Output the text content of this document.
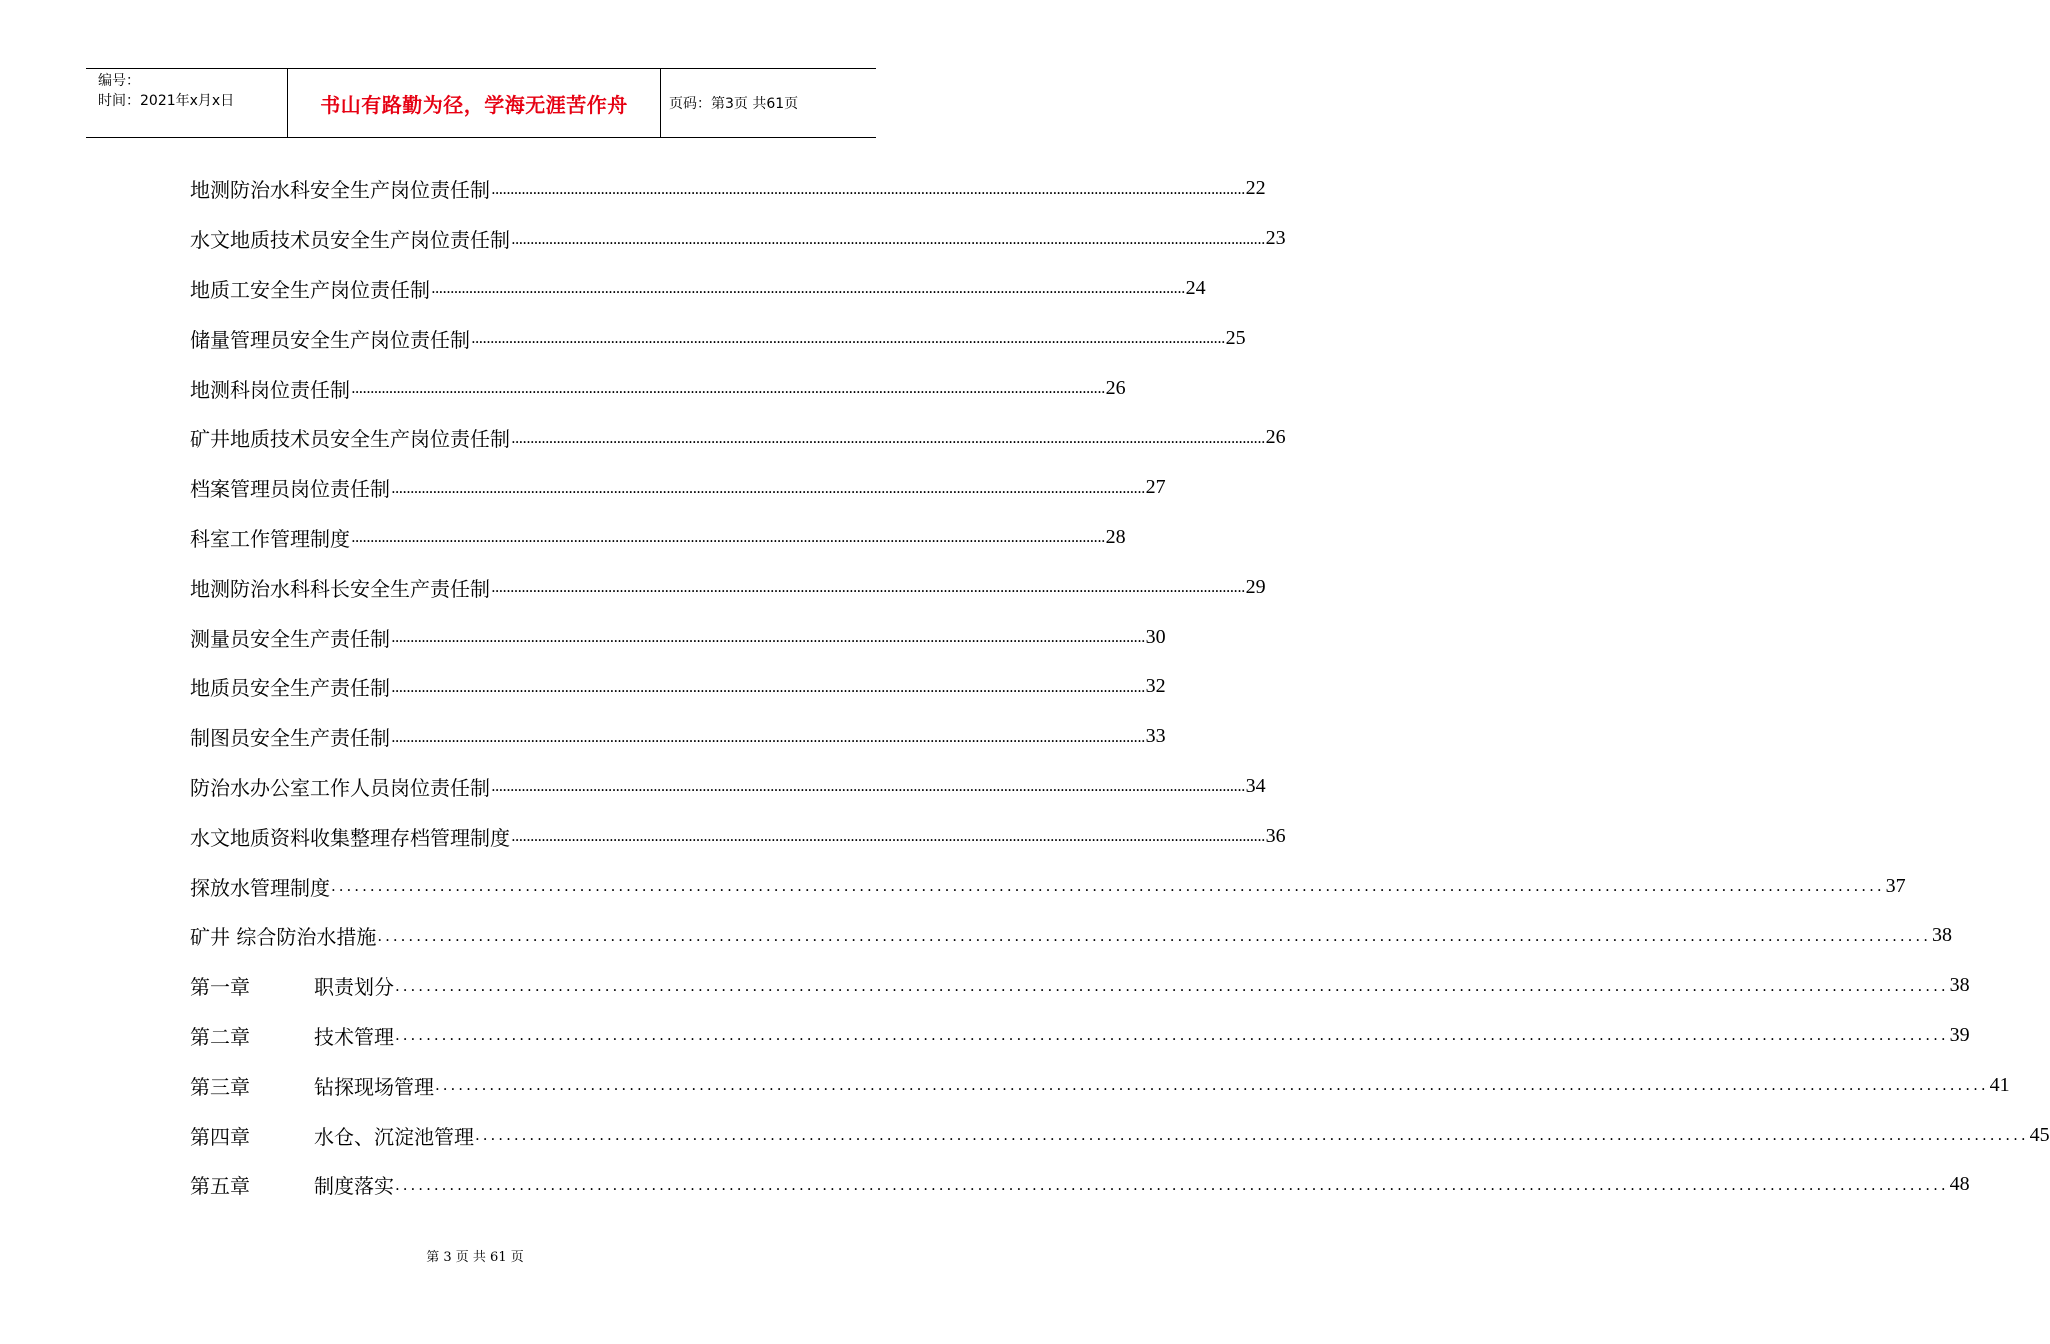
编号：
时间：2021年x月x日	书山有路勤为径，学海无涯苦作舟	页码：第3页 共61页
地测防治水科安全生产岗位责任制 ........................................................................................................................................................................................................ 22
水文地质技术员安全生产岗位责任制 ........................................................................................................................................................................................................ 23
地质工安全生产岗位责任制 ........................................................................................................................................................................................................ 24
储量管理员安全生产岗位责任制 ........................................................................................................................................................................................................ 25
地测科岗位责任制 ........................................................................................................................................................................................................ 26
矿井地质技术员安全生产岗位责任制 ........................................................................................................................................................................................................ 26
档案管理员岗位责任制 ........................................................................................................................................................................................................ 27
科室工作管理制度 ........................................................................................................................................................................................................ 28
地测防治水科科长安全生产责任制 ........................................................................................................................................................................................................ 29
测量员安全生产责任制 ........................................................................................................................................................................................................ 30
地质员安全生产责任制 ........................................................................................................................................................................................................ 32
制图员安全生产责任制 ........................................................................................................................................................................................................ 33
防治水办公室工作人员岗位责任制 ........................................................................................................................................................................................................ 34
水文地质资料收集整理存档管理制度 ........................................................................................................................................................................................................ 36
探放水管理制度 ........................................................................................................................................................................................................ 37
矿井 综合防治水措施 ........................................................................................................................................................................................................ 38
第一章	职责划分 ........................................................................................................................................................................................................ 38
第二章	技术管理 ........................................................................................................................................................................................................ 39
第三章	钻探现场管理 ........................................................................................................................................................................................................ 41
第四章	水仓、沉淀池管理 ........................................................................................................................................................................................................ 45
第五章	制度落实 ........................................................................................................................................................................................................ 48
第 3 页 共 61 页
